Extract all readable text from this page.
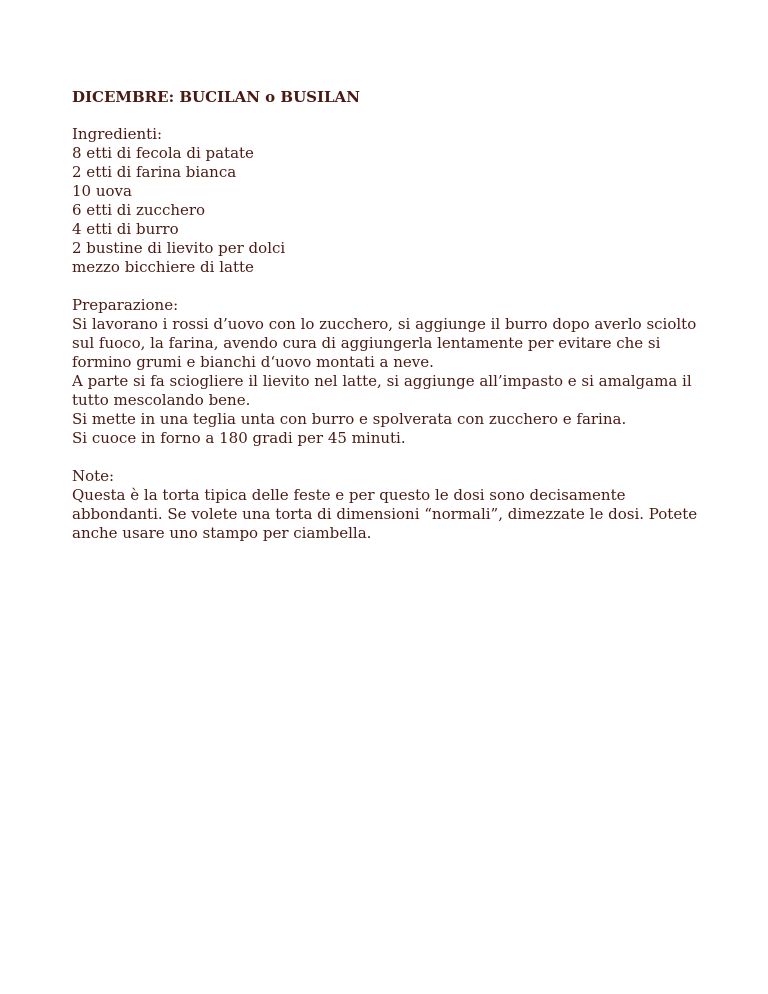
DICEMBRE: BUCILAN o BUSILAN
Ingredienti:
8 etti di fecola di patate
2 etti di farina bianca
10 uova
6 etti di zucchero
4 etti di burro
2 bustine di lievito per dolci
mezzo bicchiere di latte
Preparazione:
Si lavorano i rossi d’uovo con lo zucchero, si aggiunge il burro dopo averlo sciolto sul fuoco, la farina, avendo cura di aggiungerla lentamente per evitare che si formino grumi e bianchi d‘uovo montati a neve.
A parte si fa sciogliere il lievito nel latte, si aggiunge all’impasto e si amalgama il tutto mescolando bene.
Si mette in una teglia unta con burro e spolverata con zucchero e farina.
Si cuoce in forno a 180 gradi per 45 minuti.
Note:
Questa è la torta tipica delle feste e per questo le dosi sono decisamente abbondanti. Se volete una torta di dimensioni “normali”, dimezzate le dosi. Potete anche usare uno stampo per ciambella.
